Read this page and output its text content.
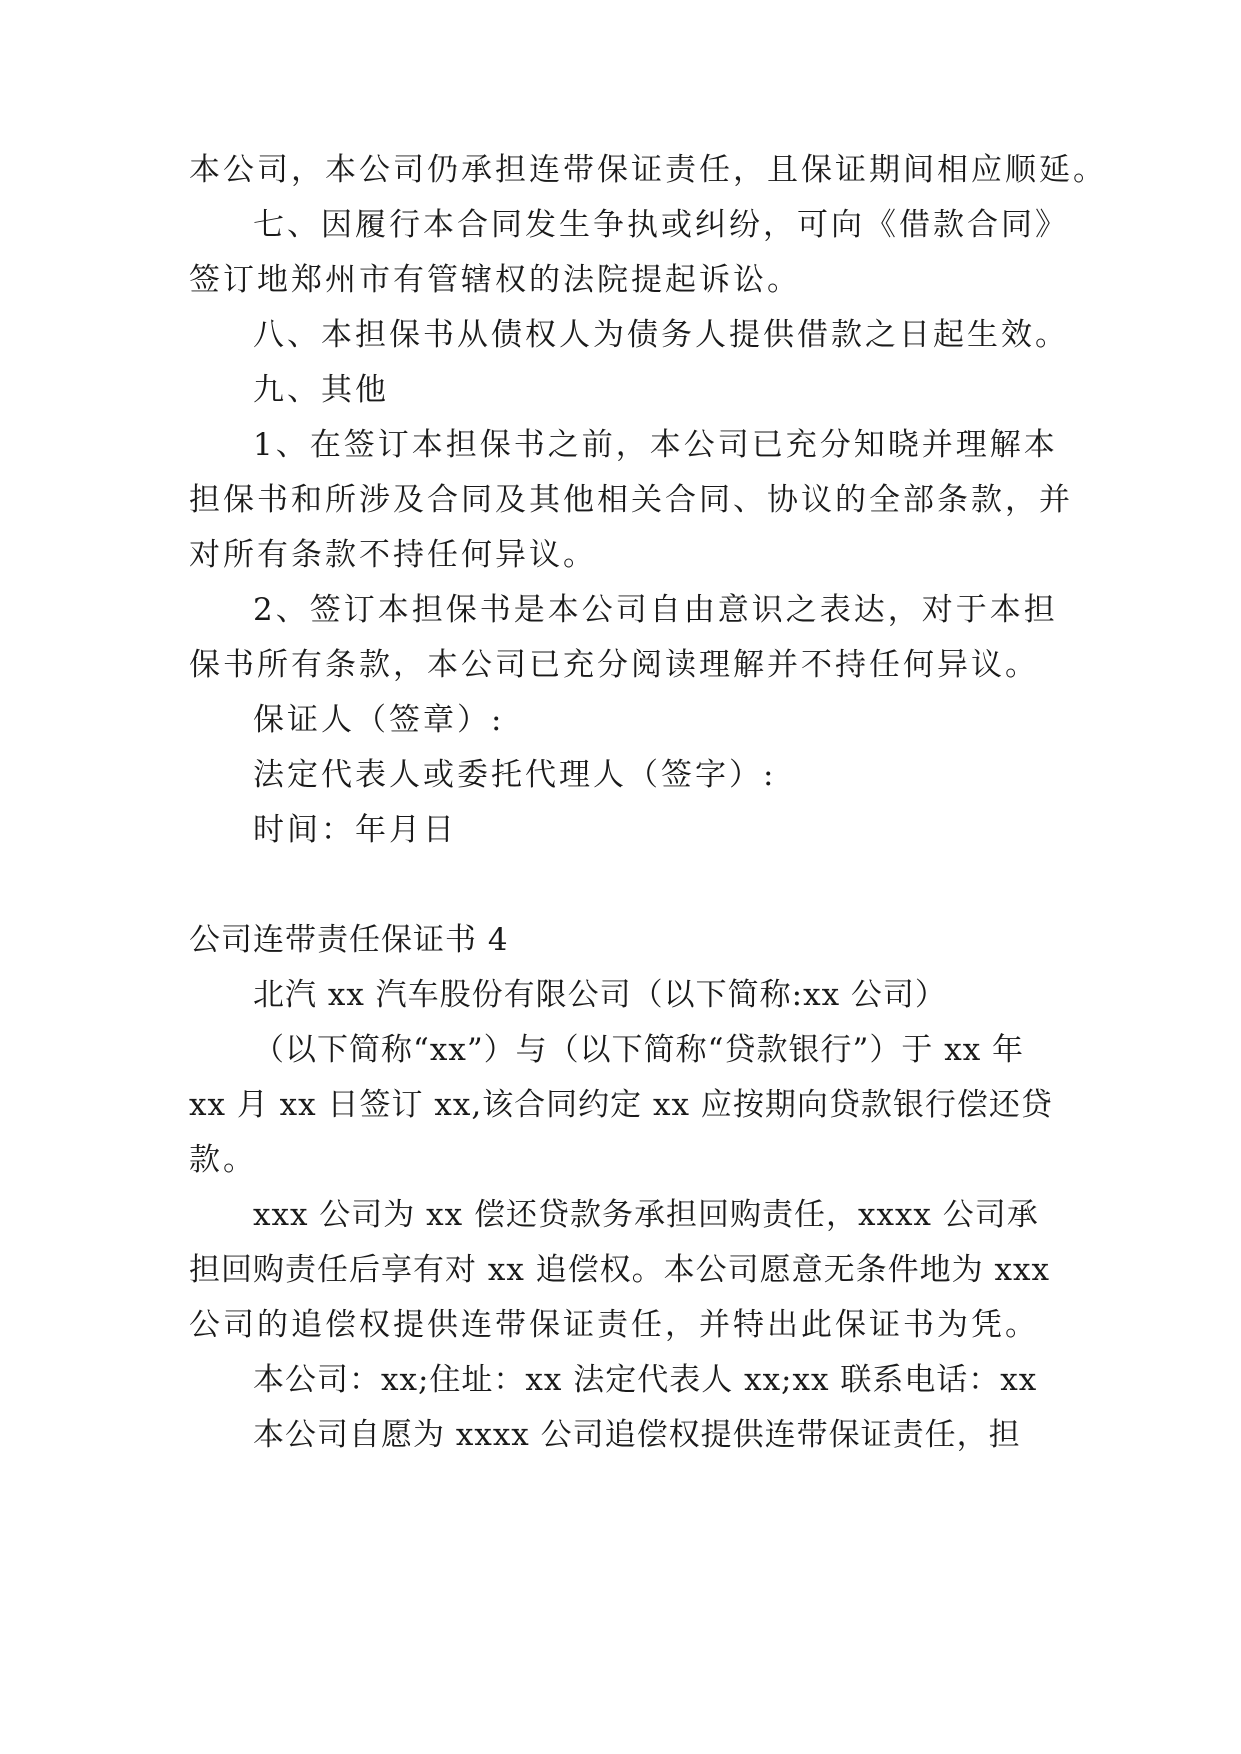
本公司，本公司仍承担连带保证责任，且保证期间相应顺延。
七、因履行本合同发生争执或纠纷，可向《借款合同》
签订地郑州市有管辖权的法院提起诉讼。
八、本担保书从债权人为债务人提供借款之日起生效。
九、其他
1、在签订本担保书之前，本公司已充分知晓并理解本
担保书和所涉及合同及其他相关合同、协议的全部条款，并
对所有条款不持任何异议。
2、签订本担保书是本公司自由意识之表达，对于本担
保书所有条款，本公司已充分阅读理解并不持任何异议。
保证人（签章）:
法定代表人或委托代理人（签字）:
时间：年月日
公司连带责任保证书 4
北汽 xx 汽车股份有限公司（以下简称:xx 公司）
（以下简称“xx”）与（以下简称“贷款银行”）于 xx 年
xx 月 xx 日签订 xx,该合同约定 xx 应按期向贷款银行偿还贷
款。
xxx 公司为 xx 偿还贷款务承担回购责任，xxxx 公司承
担回购责任后享有对 xx 追偿权。本公司愿意无条件地为 xxx
公司的追偿权提供连带保证责任，并特出此保证书为凭。
本公司：xx;住址：xx 法定代表人 xx;xx 联系电话：xx
本公司自愿为 xxxx 公司追偿权提供连带保证责任，担
